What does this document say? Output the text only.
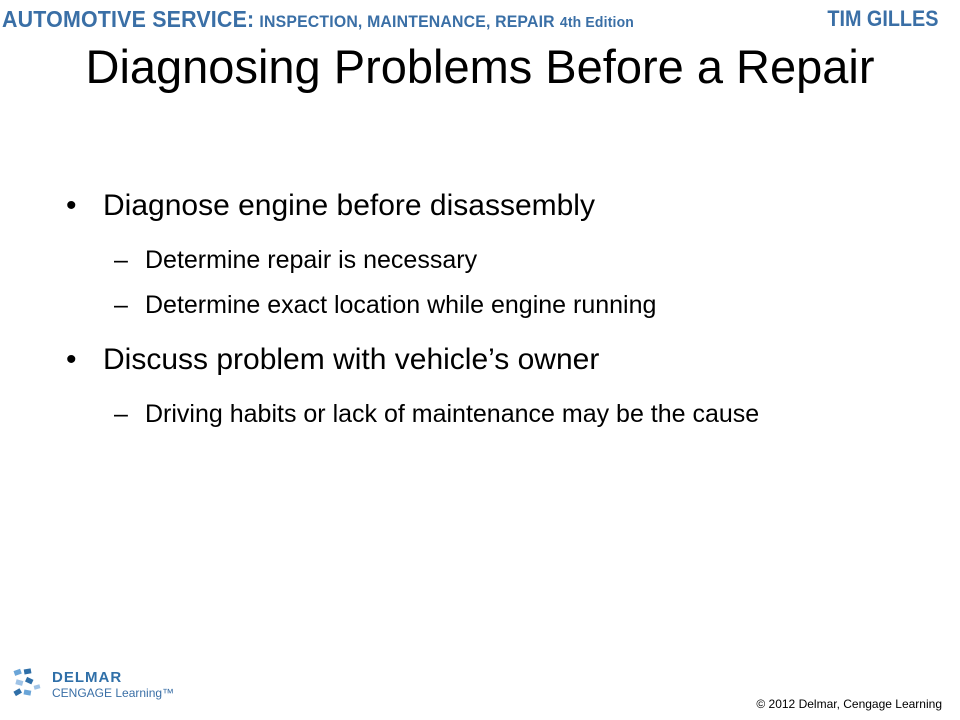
AUTOMOTIVE SERVICE: INSPECTION, MAINTENANCE, REPAIR 4th Edition	TIM GILLES
Diagnosing Problems Before a Repair
• Diagnose engine before disassembly
– Determine repair is necessary
– Determine exact location while engine running
• Discuss problem with vehicle’s owner
– Driving habits or lack of maintenance may be the cause
DELMAR
CENGAGE Learning™
© 2012 Delmar, Cengage Learning
